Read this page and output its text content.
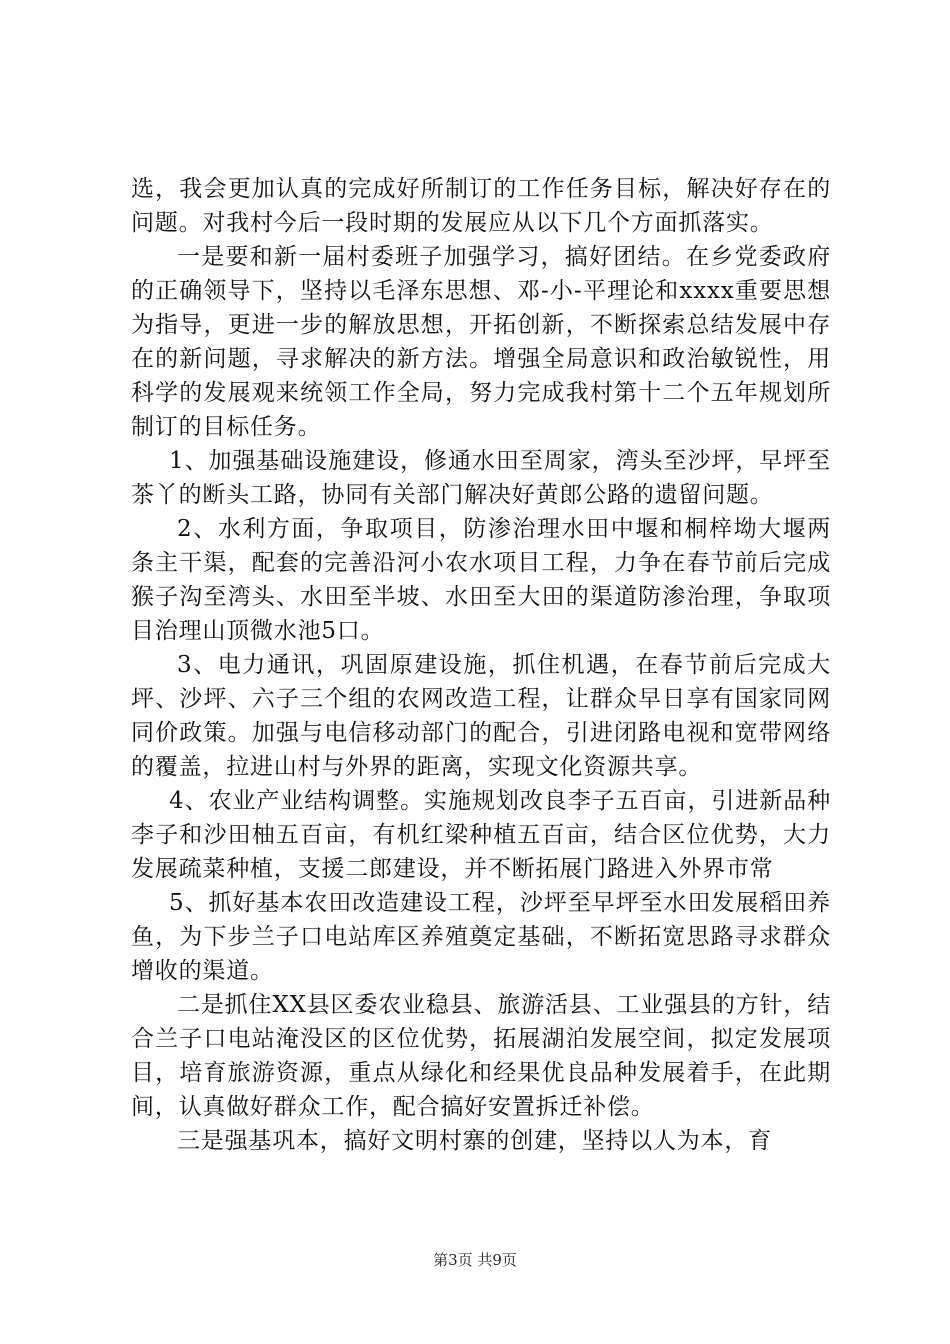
选，我会更加认真的完成好所制订的工作任务目标，解决好存在的问题。对我村今后一段时期的发展应从以下几个方面抓落实。

一是要和新一届村委班子加强学习，搞好团结。在乡党委政府的正确领导下，坚持以毛泽东思想、邓-小-平理论和xxxx重要思想为指导，更进一步的解放思想，开拓创新，不断探索总结发展中存在的新问题，寻求解决的新方法。增强全局意识和政治敏锐性，用科学的发展观来统领工作全局，努力完成我村第十二个五年规划所制订的目标任务。

1、加强基础设施建设，修通水田至周家，湾头至沙坪，早坪至茶丫的断头工路，协同有关部门解决好黄郎公路的遗留问题。

2、水利方面，争取项目，防渗治理水田中堰和桐梓坳大堰两条主干渠，配套的完善沿河小农水项目工程，力争在春节前后完成猴子沟至湾头、水田至半坡、水田至大田的渠道防渗治理，争取项目治理山顶微水池5口。

3、电力通讯，巩固原建设施，抓住机遇，在春节前后完成大坪、沙坪、六子三个组的农网改造工程，让群众早日享有国家同网同价政策。加强与电信移动部门的配合，引进闭路电视和宽带网络的覆盖，拉进山村与外界的距离，实现文化资源共享。

4、农业产业结构调整。实施规划改良李子五百亩，引进新品种李子和沙田柚五百亩，有机红梁种植五百亩，结合区位优势，大力发展疏菜种植，支援二郎建设，并不断拓展门路进入外界市常

5、抓好基本农田改造建设工程，沙坪至早坪至水田发展稻田养鱼，为下步兰子口电站库区养殖奠定基础，不断拓宽思路寻求群众增收的渠道。

二是抓住XX县区委农业稳县、旅游活县、工业强县的方针，结合兰子口电站淹没区的区位优势，拓展湖泊发展空间，拟定发展项目，培育旅游资源，重点从绿化和经果优良品种发展着手，在此期间，认真做好群众工作，配合搞好安置拆迁补偿。

三是强基巩本，搞好文明村寨的创建，坚持以人为本，育

第3页 共9页
